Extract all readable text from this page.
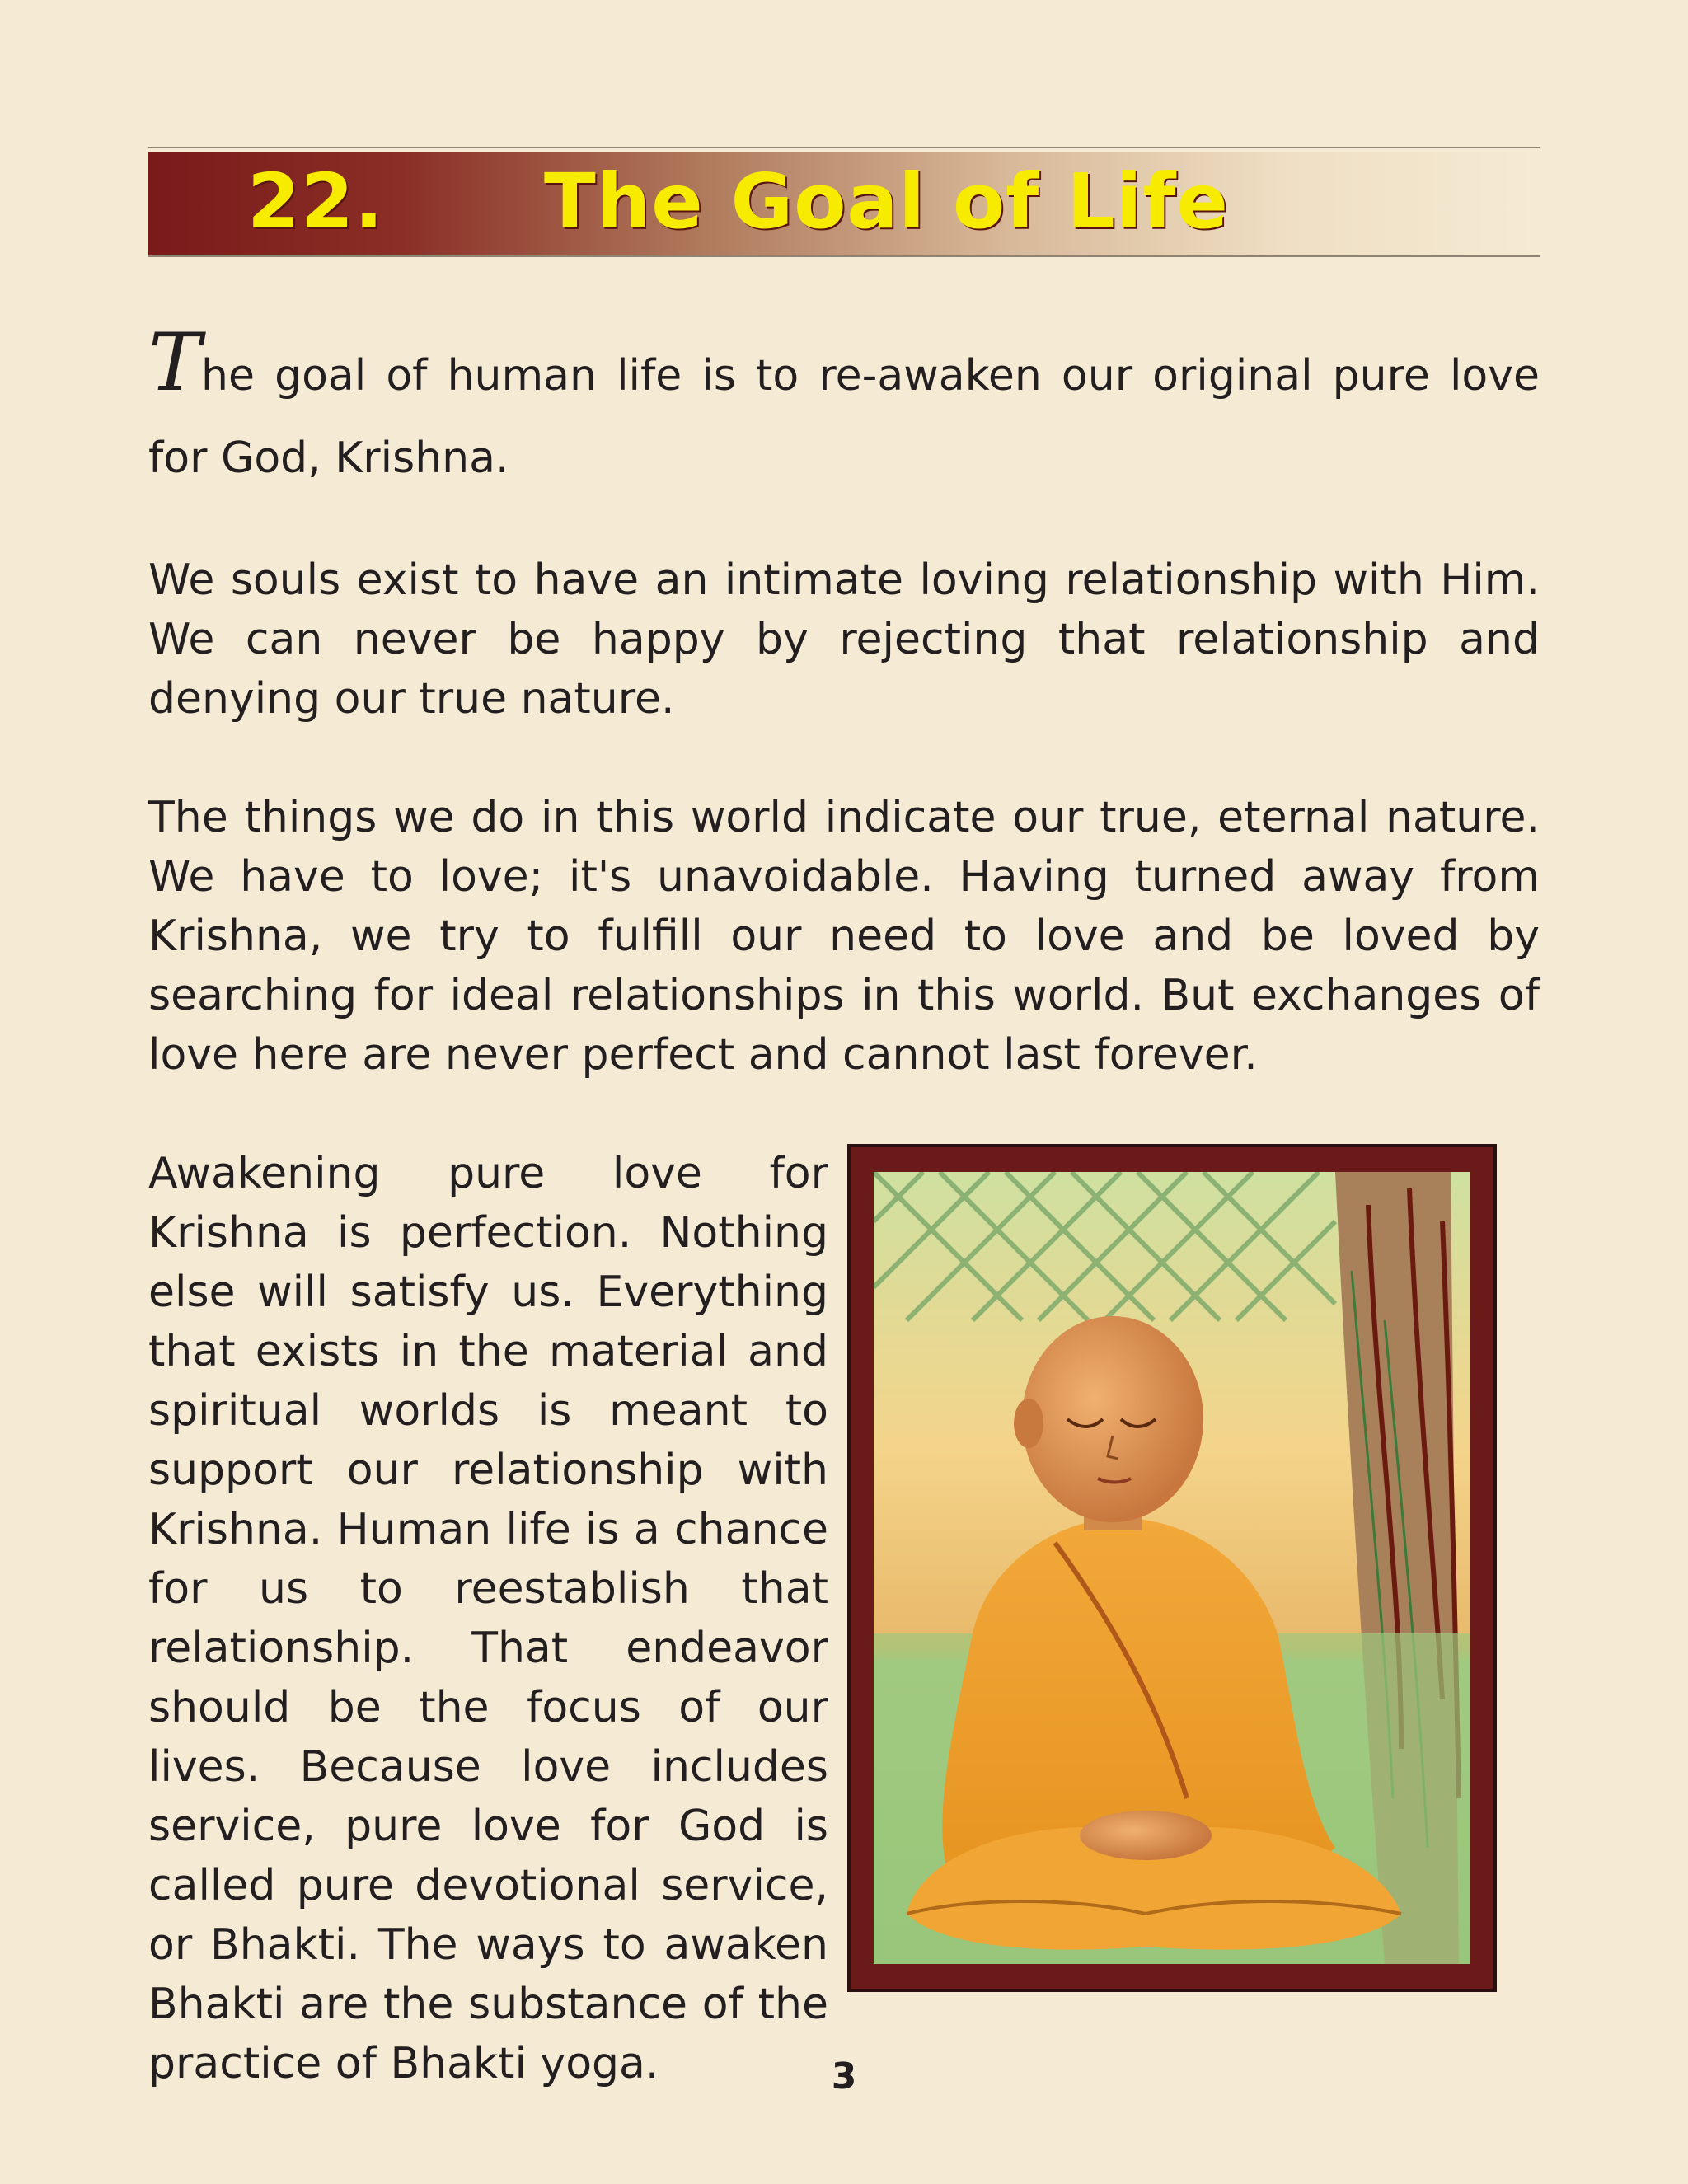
22. The Goal of Life

The goal of human life is to re-awaken our original pure love for God, Krishna.

We souls exist to have an intimate loving relationship with Him. We can never be happy by rejecting that relationship and denying our true nature.

The things we do in this world indicate our true, eternal nature. We have to love; it's unavoidable. Having turned away from Krishna, we try to fulfill our need to love and be loved by searching for ideal relationships in this world. But exchanges of love here are never perfect and cannot last forever.

Awakening pure love for Krishna is perfection. Nothing else will satisfy us. Everything that exists in the material and spiritual worlds is meant to support our relationship with Krishna. Human life is a chance for us to reestablish that relationship. That endeavor should be the focus of our lives. Because love includes service, pure love for God is called pure devotional service, or Bhakti. The ways to awaken Bhakti are the substance of the practice of Bhakti yoga.	3
